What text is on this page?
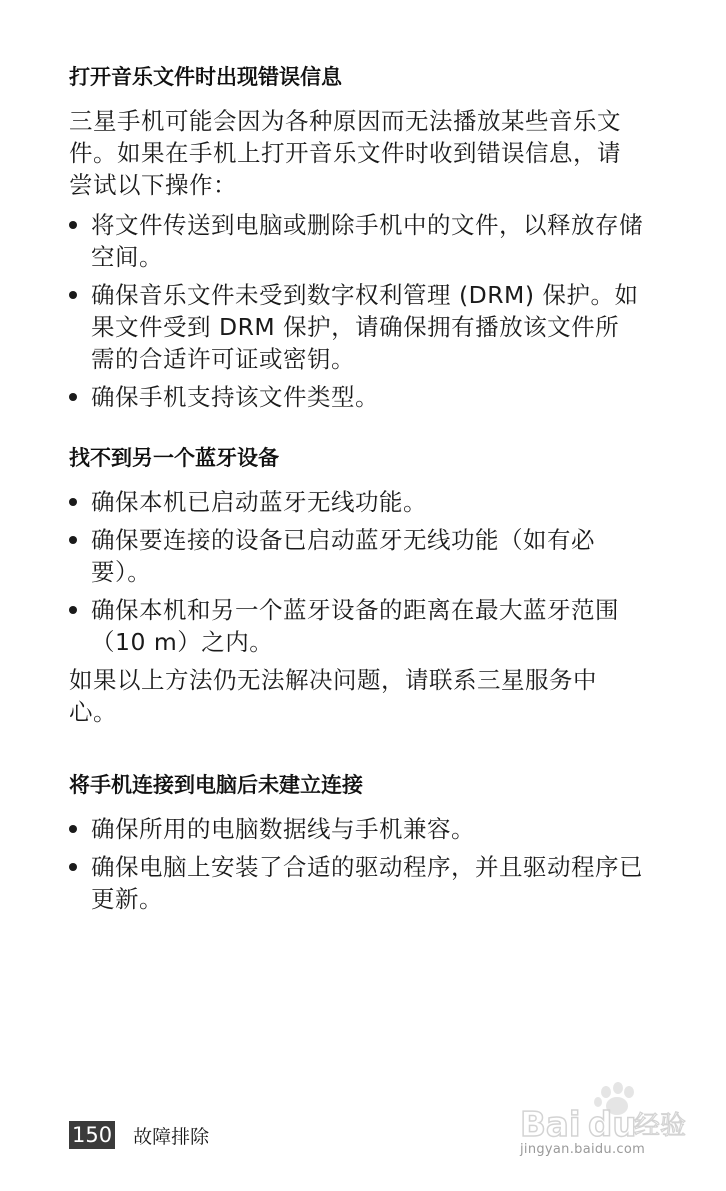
打开音乐文件时出现错误信息

三星手机可能会因为各种原因而无法播放某些音乐文件。如果在手机上打开音乐文件时收到错误信息，请尝试以下操作：

将文件传送到电脑或删除手机中的文件，以释放存储空间。
确保音乐文件未受到数字权利管理 (DRM) 保护。如果文件受到 DRM 保护，请确保拥有播放该文件所需的合适许可证或密钥。
确保手机支持该文件类型。
找不到另一个蓝牙设备
确保本机已启动蓝牙无线功能。
确保要连接的设备已启动蓝牙无线功能（如有必要）。
确保本机和另一个蓝牙设备的距离在最大蓝牙范围（10 m）之内。

如果以上方法仍无法解决问题，请联系三星服务中心。

将手机连接到电脑后未建立连接
确保所用的电脑数据线与手机兼容。
确保电脑上安装了合适的驱动程序，并且驱动程序已更新。
150 故障排除	Bai du
经验
jingyan.baidu.com
